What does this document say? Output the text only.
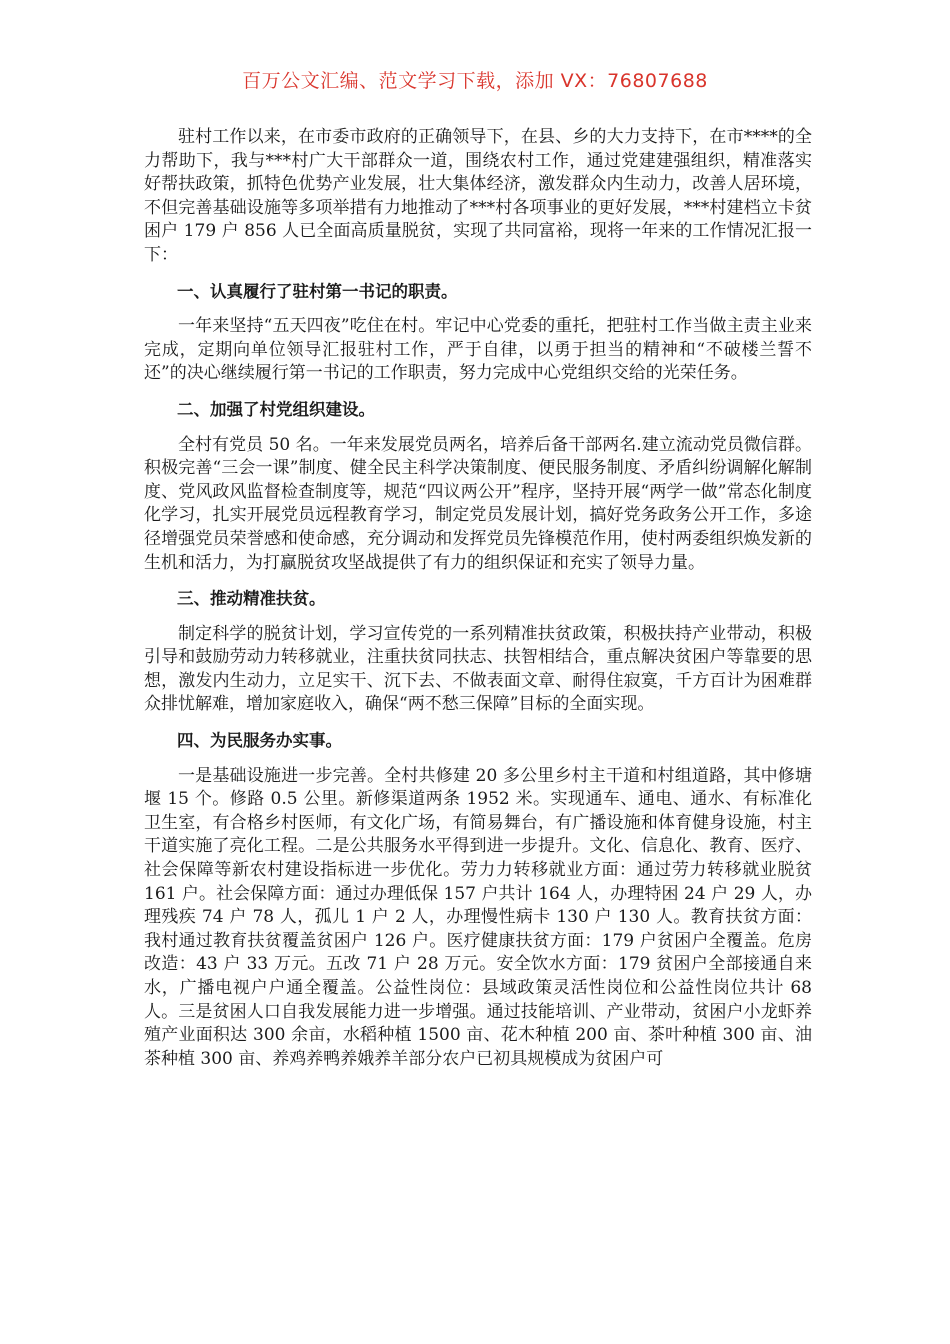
百万公文汇编、范文学习下载，添加 VX：76807688

驻村工作以来，在市委市政府的正确领导下，在县、乡的大力支持下，在市****的全力帮助下，我与***村广大干部群众一道，围绕农村工作，通过党建建强组织，精准落实好帮扶政策，抓特色优势产业发展，壮大集体经济，激发群众内生动力，改善人居环境，不但完善基础设施等多项举措有力地推动了***村各项事业的更好发展，***村建档立卡贫困户 179 户 856 人已全面高质量脱贫，实现了共同富裕，现将一年来的工作情况汇报一下：

一、认真履行了驻村第一书记的职责。

一年来坚持“五天四夜”吃住在村。牢记中心党委的重托，把驻村工作当做主责主业来完成，定期向单位领导汇报驻村工作，严于自律，以勇于担当的精神和“不破楼兰誓不还”的决心继续履行第一书记的工作职责，努力完成中心党组织交给的光荣任务。

二、加强了村党组织建设。

全村有党员 50 名。一年来发展党员两名，培养后备干部两名.建立流动党员微信群。积极完善“三会一课”制度、健全民主科学决策制度、便民服务制度、矛盾纠纷调解化解制度、党风政风监督检查制度等，规范“四议两公开”程序，坚持开展“两学一做”常态化制度化学习，扎实开展党员远程教育学习，制定党员发展计划，搞好党务政务公开工作，多途径增强党员荣誉感和使命感，充分调动和发挥党员先锋模范作用，使村两委组织焕发新的生机和活力，为打赢脱贫攻坚战提供了有力的组织保证和充实了领导力量。

三、推动精准扶贫。

制定科学的脱贫计划，学习宣传党的一系列精准扶贫政策，积极扶持产业带动，积极引导和鼓励劳动力转移就业，注重扶贫同扶志、扶智相结合，重点解决贫困户等靠要的思想，激发内生动力，立足实干、沉下去、不做表面文章、耐得住寂寞，千方百计为困难群众排忧解难，增加家庭收入，确保“两不愁三保障”目标的全面实现。

四、为民服务办实事。

一是基础设施进一步完善。全村共修建 20 多公里乡村主干道和村组道路，其中修塘堰 15 个。修路 0.5 公里。新修渠道两条 1952 米。实现通车、通电、通水、有标准化卫生室，有合格乡村医师，有文化广场，有简易舞台，有广播设施和体育健身设施，村主干道实施了亮化工程。二是公共服务水平得到进一步提升。文化、信息化、教育、医疗、社会保障等新农村建设指标进一步优化。劳力力转移就业方面：通过劳力转移就业脱贫 161 户。社会保障方面：通过办理低保 157 户共计 164 人，办理特困 24 户 29 人，办理残疾 74 户 78 人，孤儿 1 户 2 人，办理慢性病卡 130 户 130 人。教育扶贫方面：我村通过教育扶贫覆盖贫困户 126 户。医疗健康扶贫方面：179 户贫困户全覆盖。危房改造：43 户 33 万元。五改 71 户 28 万元。安全饮水方面：179 贫困户全部接通自来水，广播电视户户通全覆盖。公益性岗位：县域政策灵活性岗位和公益性岗位共计 68 人。三是贫困人口自我发展能力进一步增强。通过技能培训、产业带动，贫困户小龙虾养殖产业面积达 300 余亩，水稻种植 1500 亩、花木种植 200 亩、茶叶种植 300 亩、油茶种植 300 亩、养鸡养鸭养娥养羊部分农户已初具规模成为贫困户可
